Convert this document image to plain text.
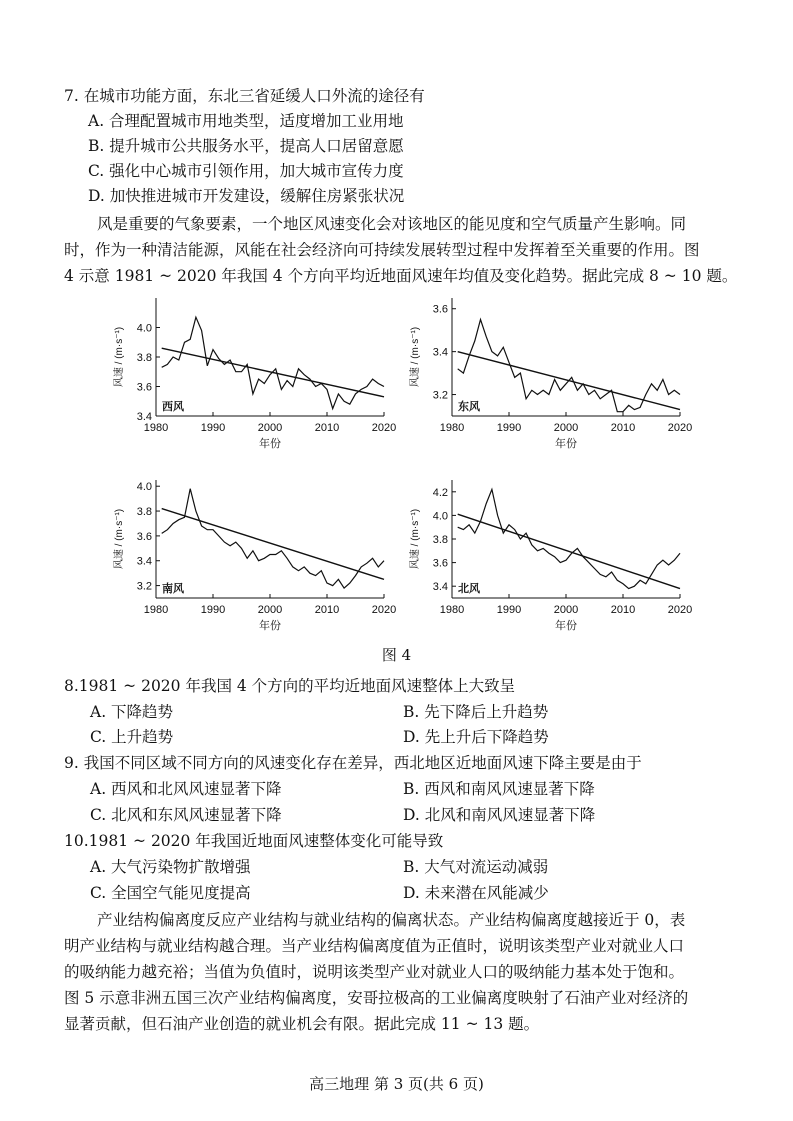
7. 在城市功能方面，东北三省延缓人口外流的途径有
A. 合理配置城市用地类型，适度增加工业用地
B. 提升城市公共服务水平，提高人口居留意愿
C. 强化中心城市引领作用，加大城市宣传力度
D. 加快推进城市开发建设，缓解住房紧张状况
风是重要的气象要素，一个地区风速变化会对该地区的能见度和空气质量产生影响。同
时，作为一种清洁能源，风能在社会经济向可持续发展转型过程中发挥着至关重要的作用。图
4 示意 1981 ~ 2020 年我国 4 个方向平均近地面风速年均值及变化趋势。据此完成 8 ~ 10 题。
1980	1990	2000	2010	2020
3.4
3.6
3.8
4.0
年份
风速 / (m·s⁻¹)
西风
1980	1990	2000	2010	2020
3.2
3.4
3.6
年份
风速 / (m·s⁻¹)
东风
1980	1990	2000	2010	2020
3.2
3.4
3.6
3.8
4.0
年份
风速 / (m·s⁻¹)
南风
1980	1990	2000	2010	2020
3.4
3.6
3.8
4.0
4.2
年份
风速 / (m·s⁻¹)
北风
图 4
8.1981 ~ 2020 年我国 4 个方向的平均近地面风速整体上大致呈
A. 下降趋势	B. 先下降后上升趋势
C. 上升趋势	D. 先上升后下降趋势
9. 我国不同区域不同方向的风速变化存在差异，西北地区近地面风速下降主要是由于
A. 西风和北风风速显著下降	B. 西风和南风风速显著下降
C. 北风和东风风速显著下降	D. 北风和南风风速显著下降
10.1981 ~ 2020 年我国近地面风速整体变化可能导致
A. 大气污染物扩散增强	B. 大气对流运动减弱
C. 全国空气能见度提高	D. 未来潜在风能减少
产业结构偏离度反应产业结构与就业结构的偏离状态。产业结构偏离度越接近于 0，表
明产业结构与就业结构越合理。当产业结构偏离度值为正值时，说明该类型产业对就业人口
的吸纳能力越充裕；当值为负值时，说明该类型产业对就业人口的吸纳能力基本处于饱和。
图 5 示意非洲五国三次产业结构偏离度，安哥拉极高的工业偏离度映射了石油产业对经济的
显著贡献，但石油产业创造的就业机会有限。据此完成 11 ~ 13 题。
高三地理 第 3 页(共 6 页)
